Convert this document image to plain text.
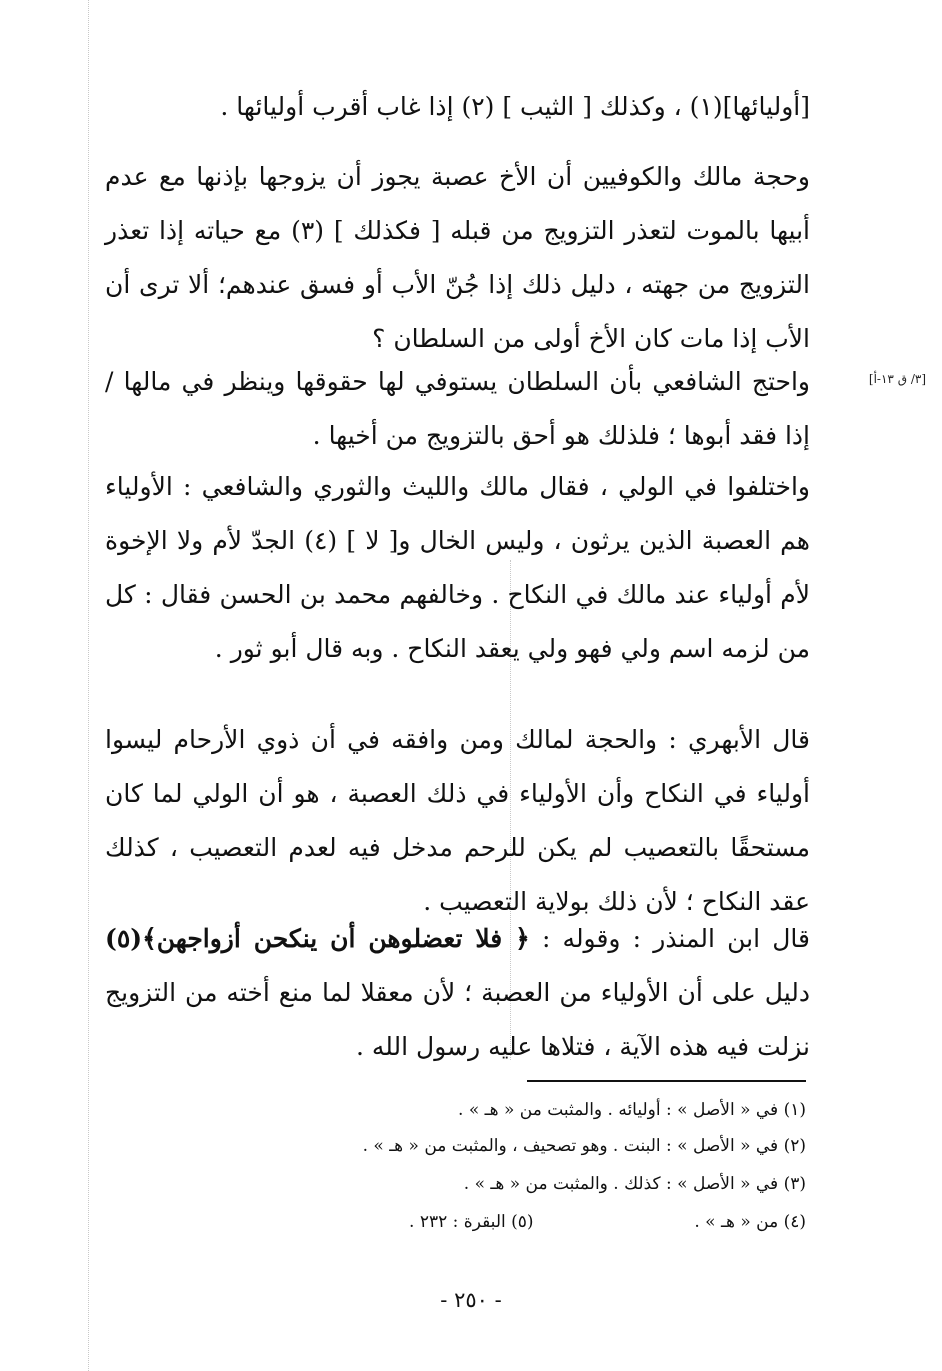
[أوليائها](١) ، وكذلك [ الثيب ] (٢) إذا غاب أقرب أوليائها .

وحجة مالك والكوفيين أن الأخ عصبة يجوز أن يزوجها بإذنها مع عدم أبيها بالموت لتعذر التزويج من قبله [ فكذلك ] (٣) مع حياته إذا تعذر التزويج من جهته ، دليل ذلك إذا جُنّ الأب أو فسق عندهم؛ ألا ترى أن الأب إذا مات كان الأخ أولى من السلطان ؟

[٣/ ق ١٣-أ]

واحتج الشافعي بأن السلطان يستوفي لها حقوقها وينظر في مالها / إذا فقد أبوها ؛ فلذلك هو أحق بالتزويج من أخيها .

واختلفوا في الولي ، فقال مالك والليث والثوري والشافعي : الأولياء هم العصبة الذين يرثون ، وليس الخال و[ لا ] (٤) الجدّ لأم ولا الإخوة لأم أولياء عند مالك في النكاح . وخالفهم محمد بن الحسن فقال : كل من لزمه اسم ولي فهو ولي يعقد النكاح . وبه قال أبو ثور .

قال الأبهري : والحجة لمالك ومن وافقه في أن ذوي الأرحام ليسوا أولياء في النكاح وأن الأولياء في ذلك العصبة ، هو أن الولي لما كان مستحقًا بالتعصيب لم يكن للرحم مدخل فيه لعدم التعصيب ، كذلك عقد النكاح ؛ لأن ذلك بولاية التعصيب .

قال ابن المنذر : وقوله : ﴿ فلا تعضلوهن أن ينكحن أزواجهن﴾(٥) دليل على أن الأولياء من العصبة ؛ لأن معقلا لما منع أخته من التزويج نزلت فيه هذه الآية ، فتلاها عليه رسول الله .

(١) في « الأصل » : أوليائه . والمثبت من « هـ » .
(٢) في « الأصل » : البنت . وهو تصحيف ، والمثبت من « هـ » .
(٣) في « الأصل » : كذلك . والمثبت من « هـ » .
(٤) من « هـ » .  (٥) البقرة : ٢٣٢ .
- ٢٥٠ -
